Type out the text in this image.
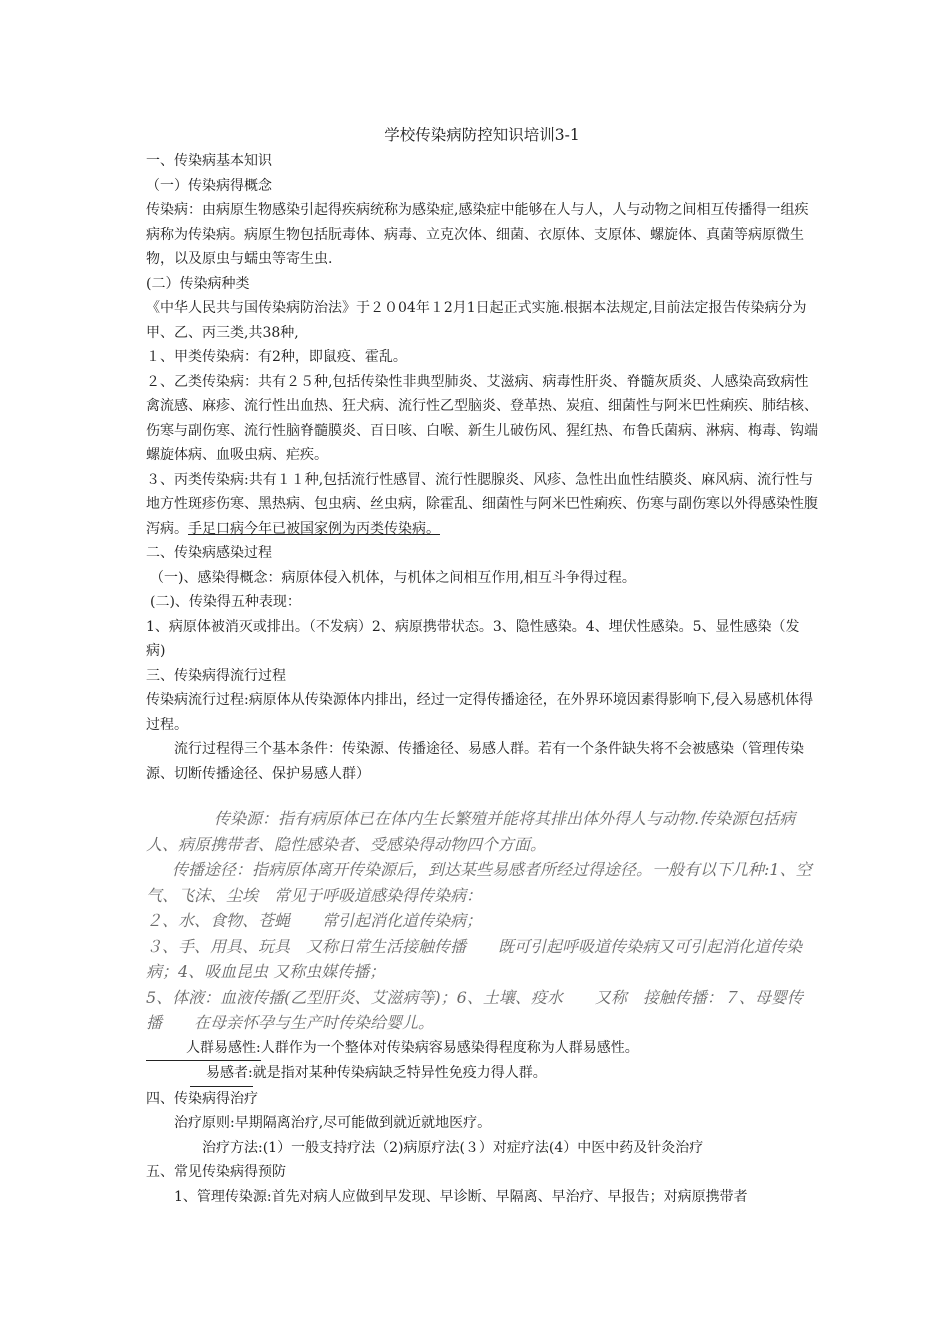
学校传染病防控知识培训3-1

一、传染病基本知识

（一）传染病得概念

传染病：由病原生物感染引起得疾病统称为感染症,感染症中能够在人与人，人与动物之间相互传播得一组疾病称为传染病。病原生物包括朊毒体、病毒、立克次体、细菌、衣原体、支原体、螺旋体、真菌等病原微生物，以及原虫与蠕虫等寄生虫.

(二）传染病种类

《中华人民共与国传染病防治法》于２０04年１2月1日起正式实施.根据本法规定,目前法定报告传染病分为甲、乙、丙三类,共38种,

１、甲类传染病：有2种，即鼠疫、霍乱。

２、乙类传染病：共有２５种,包括传染性非典型肺炎、艾滋病、病毒性肝炎、脊髓灰质炎、人感染高致病性禽流感、麻疹、流行性出血热、狂犬病、流行性乙型脑炎、登革热、炭疽、细菌性与阿米巴性痢疾、肺结核、伤寒与副伤寒、流行性脑脊髓膜炎、百日咳、白喉、新生儿破伤风、猩红热、布鲁氏菌病、淋病、梅毒、钩端螺旋体病、血吸虫病、疟疾。

３、丙类传染病:共有１１种,包括流行性感冒、流行性腮腺炎、风疹、急性出血性结膜炎、麻风病、流行性与地方性斑疹伤寒、黑热病、包虫病、丝虫病，除霍乱、细菌性与阿米巴性痢疾、伤寒与副伤寒以外得感染性腹泻病。手足口病今年已被国家例为丙类传染病。

二、传染病感染过程

（一)、感染得概念：病原体侵入机体，与机体之间相互作用,相互斗争得过程。

(二)、传染得五种表现：

1、病原体被消灭或排出。（不发病）2、病原携带状态。3、隐性感染。4、埋伏性感染。5、显性感染（发病)

三、传染病得流行过程

传染病流行过程:病原体从传染源体内排出，经过一定得传播途径，在外界环境因素得影响下,侵入易感机体得过程。

流行过程得三个基本条件：传染源、传播途径、易感人群。若有一个条件缺失将不会被感染（管理传染源、切断传播途径、保护易感人群）

传染源：指有病原体已在体内生长繁殖并能将其排出体外得人与动物.传染源包括病人、病原携带者、隐性感染者、受感染得动物四个方面。

传播途径：指病原体离开传染源后，到达某些易感者所经过得途径。一般有以下几种:1、空气、飞沫、尘埃　常见于呼吸道感染得传染病：

２、水、食物、苍蝇　　常引起消化道传染病；

３、手、用具、玩具　又称日常生活接触传播　　既可引起呼吸道传染病又可引起消化道传染病；4、吸血昆虫 又称虫媒传播；

5、体液：血液传播(乙型肝炎、艾滋病等)；6、土壤、疫水　　又称　接触传播：７、母婴传播　　在母亲怀孕与生产时传染给婴儿。

人群易感性:人群作为一个整体对传染病容易感染得程度称为人群易感性。

易感者:就是指对某种传染病缺乏特异性免疫力得人群。

四、传染病得治疗

治疗原则:早期隔离治疗,尽可能做到就近就地医疗。

治疗方法:(1）一般支持疗法（2)病原疗法(３）对症疗法(4）中医中药及针灸治疗

五、常见传染病得预防

1、管理传染源:首先对病人应做到早发现、早诊断、早隔离、早治疗、早报告；对病原携带者
